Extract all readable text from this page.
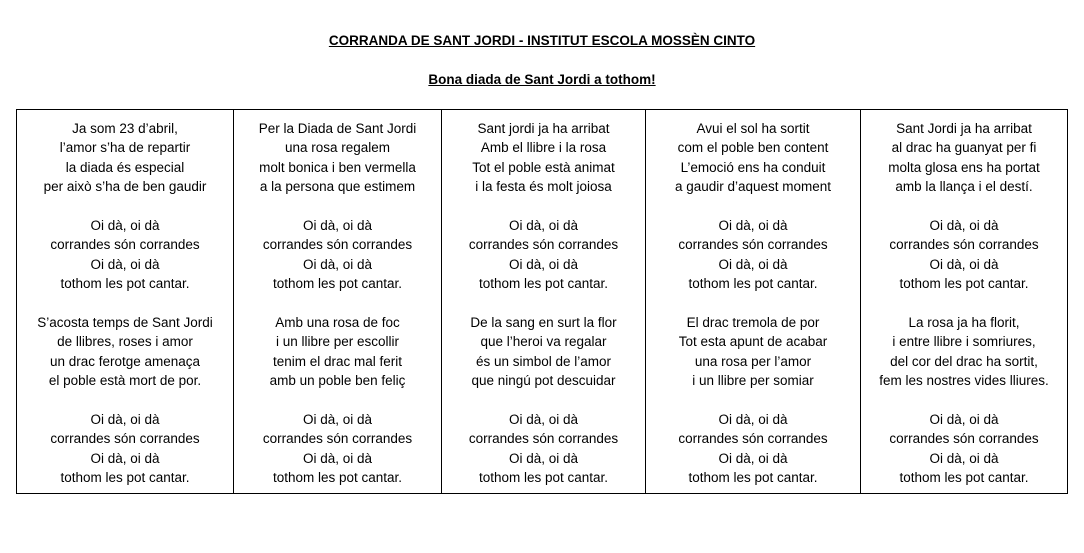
CORRANDA DE SANT JORDI - INSTITUT ESCOLA MOSSÈN CINTO
Bona diada de Sant Jordi a tothom!
Ja som 23 d’abril,
l’amor s’ha de repartir
la diada és especial
per això s’ha de ben gaudir
Oi dà, oi dà
corrandes són corrandes
Oi dà, oi dà
tothom les pot cantar.
S’acosta temps de Sant Jordi
de llibres, roses i amor
un drac ferotge amenaça
el poble està mort de por.
Oi dà, oi dà
corrandes són corrandes
Oi dà, oi dà
tothom les pot cantar.

Per la Diada de Sant Jordi
una rosa regalem
molt bonica i ben vermella
a la persona que estimem
Oi dà, oi dà
corrandes són corrandes
Oi dà, oi dà
tothom les pot cantar.
Amb una rosa de foc
i un llibre per escollir
tenim el drac mal ferit
amb un poble ben feliç
Oi dà, oi dà
corrandes són corrandes
Oi dà, oi dà
tothom les pot cantar.

Sant jordi ja ha arribat
Amb el llibre i la rosa
Tot el poble està animat
i la festa és molt joiosa
Oi dà, oi dà
corrandes són corrandes
Oi dà, oi dà
tothom les pot cantar.
De la sang en surt la flor
que l’heroi va regalar
és un simbol de l’amor
que ningú pot descuidar
Oi dà, oi dà
corrandes són corrandes
Oi dà, oi dà
tothom les pot cantar.

Avui el sol ha sortit
com el poble ben content
L’emoció ens ha conduit
a gaudir d’aquest moment
Oi dà, oi dà
corrandes són corrandes
Oi dà, oi dà
tothom les pot cantar.
El drac tremola de por
Tot esta apunt de acabar
una rosa per l’amor
i un llibre per somiar
Oi dà, oi dà
corrandes són corrandes
Oi dà, oi dà
tothom les pot cantar.

Sant Jordi ja ha arribat
al drac ha guanyat per fi
molta glosa ens ha portat
amb la llança i el destí.
Oi dà, oi dà
corrandes són corrandes
Oi dà, oi dà
tothom les pot cantar.
La rosa ja ha florit,
i entre llibre i somriures,
del cor del drac ha sortit,
fem les nostres vides lliures.
Oi dà, oi dà
corrandes són corrandes
Oi dà, oi dà
tothom les pot cantar.
